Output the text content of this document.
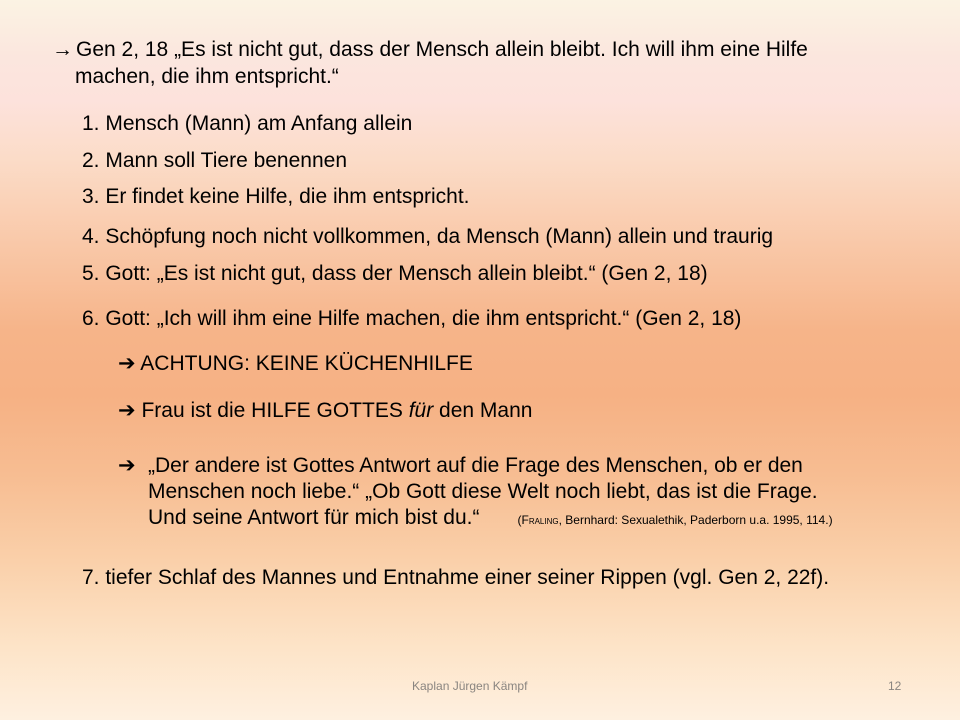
→ Gen 2, 18 „Es ist nicht gut, dass der Mensch allein bleibt. Ich will ihm eine Hilfe
machen, die ihm entspricht.“
1. Mensch (Mann) am Anfang allein
2. Mann soll Tiere benennen
3. Er findet keine Hilfe, die ihm entspricht.
4. Schöpfung noch nicht vollkommen, da Mensch (Mann) allein und traurig
5. Gott: „Es ist nicht gut, dass der Mensch allein bleibt.“ (Gen 2, 18)
6. Gott: „Ich will ihm eine Hilfe machen, die ihm entspricht.“ (Gen 2, 18)
➔ ACHTUNG: KEINE KÜCHENHILFE
➔ Frau ist die HILFE GOTTES für den Mann
➔ „Der andere ist Gottes Antwort auf die Frage des Menschen, ob er den
Menschen noch liebe.“ „Ob Gott diese Welt noch liebt, das ist die Frage.
Und seine Antwort für mich bist du.“	(Fraling, Bernhard: Sexualethik, Paderborn u.a. 1995, 114.)
7. tiefer Schlaf des Mannes und Entnahme einer seiner Rippen (vgl. Gen 2, 22f).
Kaplan Jürgen Kämpf	12
